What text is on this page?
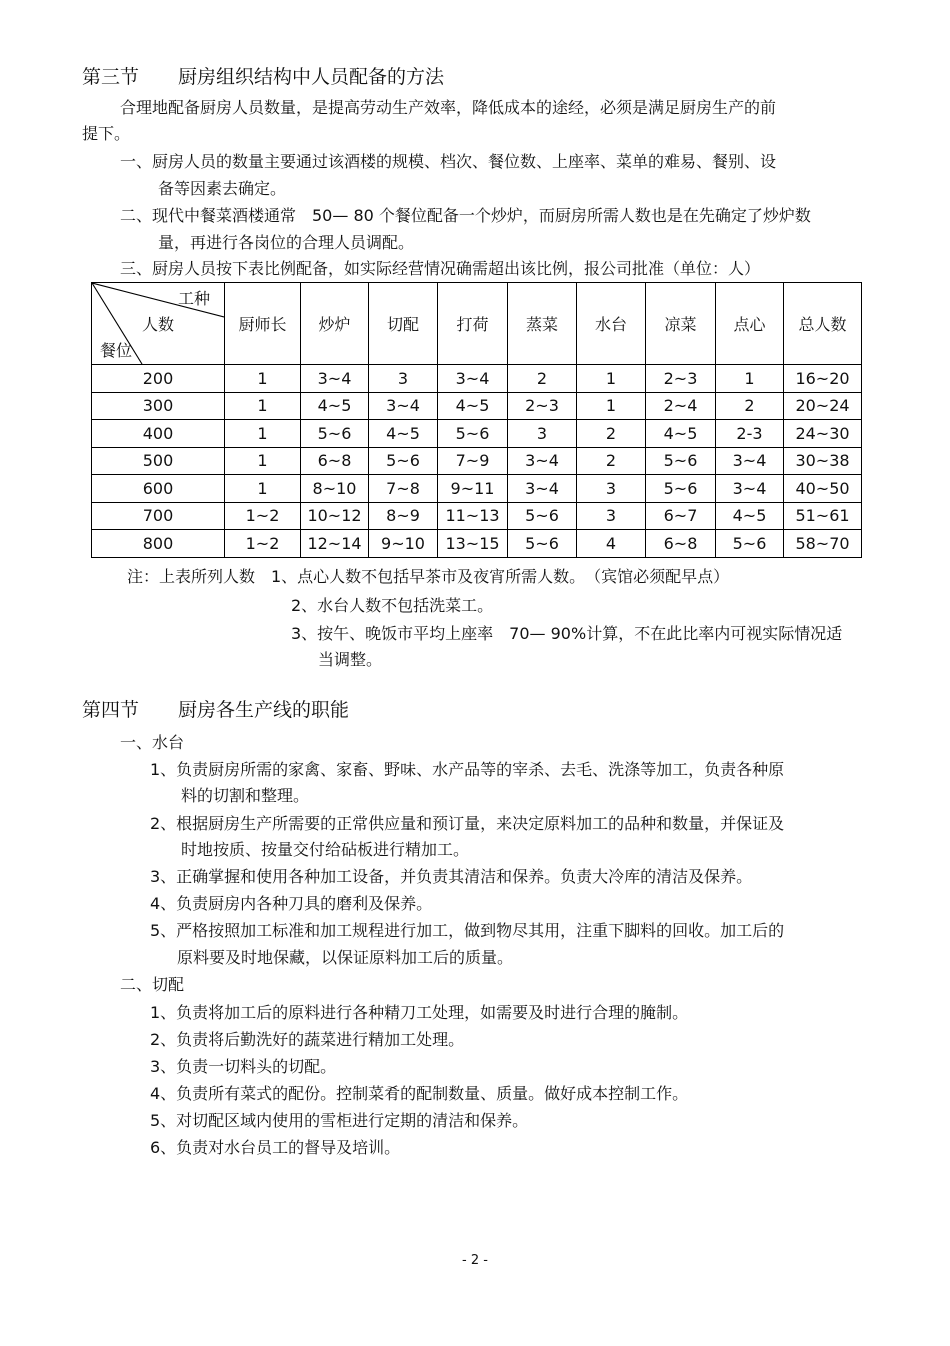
第三节 厨房组织结构中人员配备的方法
合理地配备厨房人员数量，是提高劳动生产效率，降低成本的途经，必须是满足厨房生产的前
提下。
一、厨房人员的数量主要通过该酒楼的规模、档次、餐位数、上座率、菜单的难易、餐别、设
备等因素去确定。
二、现代中餐菜酒楼通常　50— 80 个餐位配备一个炒炉，而厨房所需人数也是在先确定了炒炉数
量，再进行各岗位的合理人员调配。
三、厨房人员按下表比例配备，如实际经营情况确需超出该比例，报公司批准（单位：人）
工种
人数
餐位	厨师长	炒炉	切配	打荷	蒸菜	水台	凉菜	点心	总人数
200	1	3~4	3	3~4	2	1	2~3	1	16~20
300	1	4~5	3~4	4~5	2~3	1	2~4	2	20~24
400	1	5~6	4~5	5~6	3	2	4~5	2-3	24~30
500	1	6~8	5~6	7~9	3~4	2	5~6	3~4	30~38
600	1	8~10	7~8	9~11	3~4	3	5~6	3~4	40~50
700	1~2	10~12	8~9	11~13	5~6	3	6~7	4~5	51~61
800	1~2	12~14	9~10	13~15	5~6	4	6~8	5~6	58~70
注：上表所列人数　1、点心人数不包括早茶市及夜宵所需人数。　（宾馆必须配早点）
2、水台人数不包括洗菜工。
3、按午、晚饭市平均上座率　70— 90%计算，不在此比率内可视实际情况适
当调整。
第四节 厨房各生产线的职能
一、水台
1、负责厨房所需的家禽、家畜、野味、水产品等的宰杀、去毛、洗涤等加工，负责各种原
料的切割和整理。
2、根据厨房生产所需要的正常供应量和预订量，来决定原料加工的品种和数量，并保证及
时地按质、按量交付给砧板进行精加工。
3、正确掌握和使用各种加工设备，并负责其清洁和保养。负责大冷库的清洁及保养。
4、负责厨房内各种刀具的磨利及保养。
5、严格按照加工标准和加工规程进行加工，做到物尽其用，注重下脚料的回收。加工后的
原料要及时地保藏，以保证原料加工后的质量。
二、切配
1、负责将加工后的原料进行各种精刀工处理，如需要及时进行合理的腌制。
2、负责将后勤洗好的蔬菜进行精加工处理。
3、负责一切料头的切配。
4、负责所有菜式的配份。控制菜肴的配制数量、质量。做好成本控制工作。
5、对切配区域内使用的雪柜进行定期的清洁和保养。
6、负责对水台员工的督导及培训。
- 2 -
